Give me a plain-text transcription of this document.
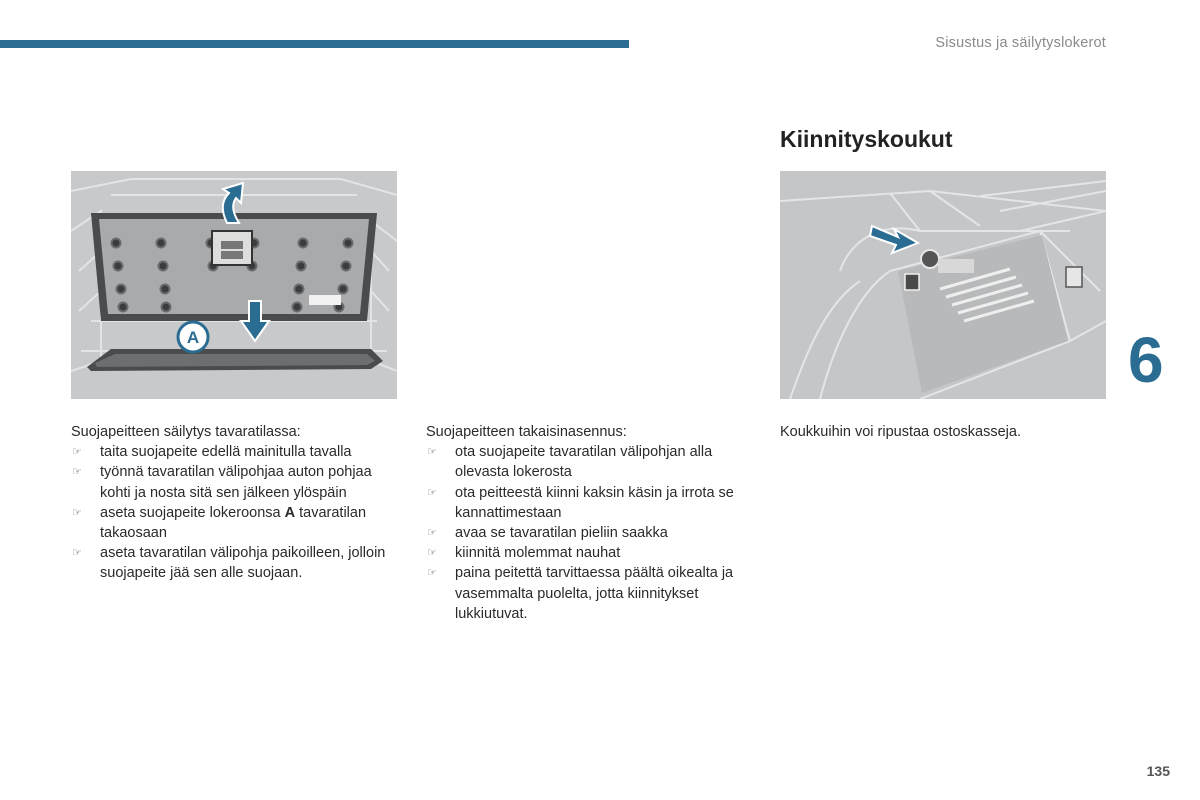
Sisustus ja säilytyslokerot
Kiinnityskoukut
A	6

Suojapeitteen säilytys tavaratilassa:

☞ taita suojapeite edellä mainitulla tavalla
☞ työnnä tavaratilan välipohjaa auton pohjaa kohti ja nosta sitä sen jälkeen ylöspäin
☞ aseta suojapeite lokeroonsa A tavaratilan takaosaan
☞ aseta tavaratilan välipohja paikoilleen, jolloin suojapeite jää sen alle suojaan.

Suojapeitteen takaisinasennus:

☞ ota suojapeite tavaratilan välipohjan alla olevasta lokerosta
☞ ota peitteestä kiinni kaksin käsin ja irrota se kannattimestaan
☞ avaa se tavaratilan pieliin saakka
☞ kiinnitä molemmat nauhat
☞ paina peitettä tarvittaessa päältä oikealta ja vasemmalta puolelta, jotta kiinnitykset lukkiutuvat.

Koukkuihin voi ripustaa ostoskasseja.

135
